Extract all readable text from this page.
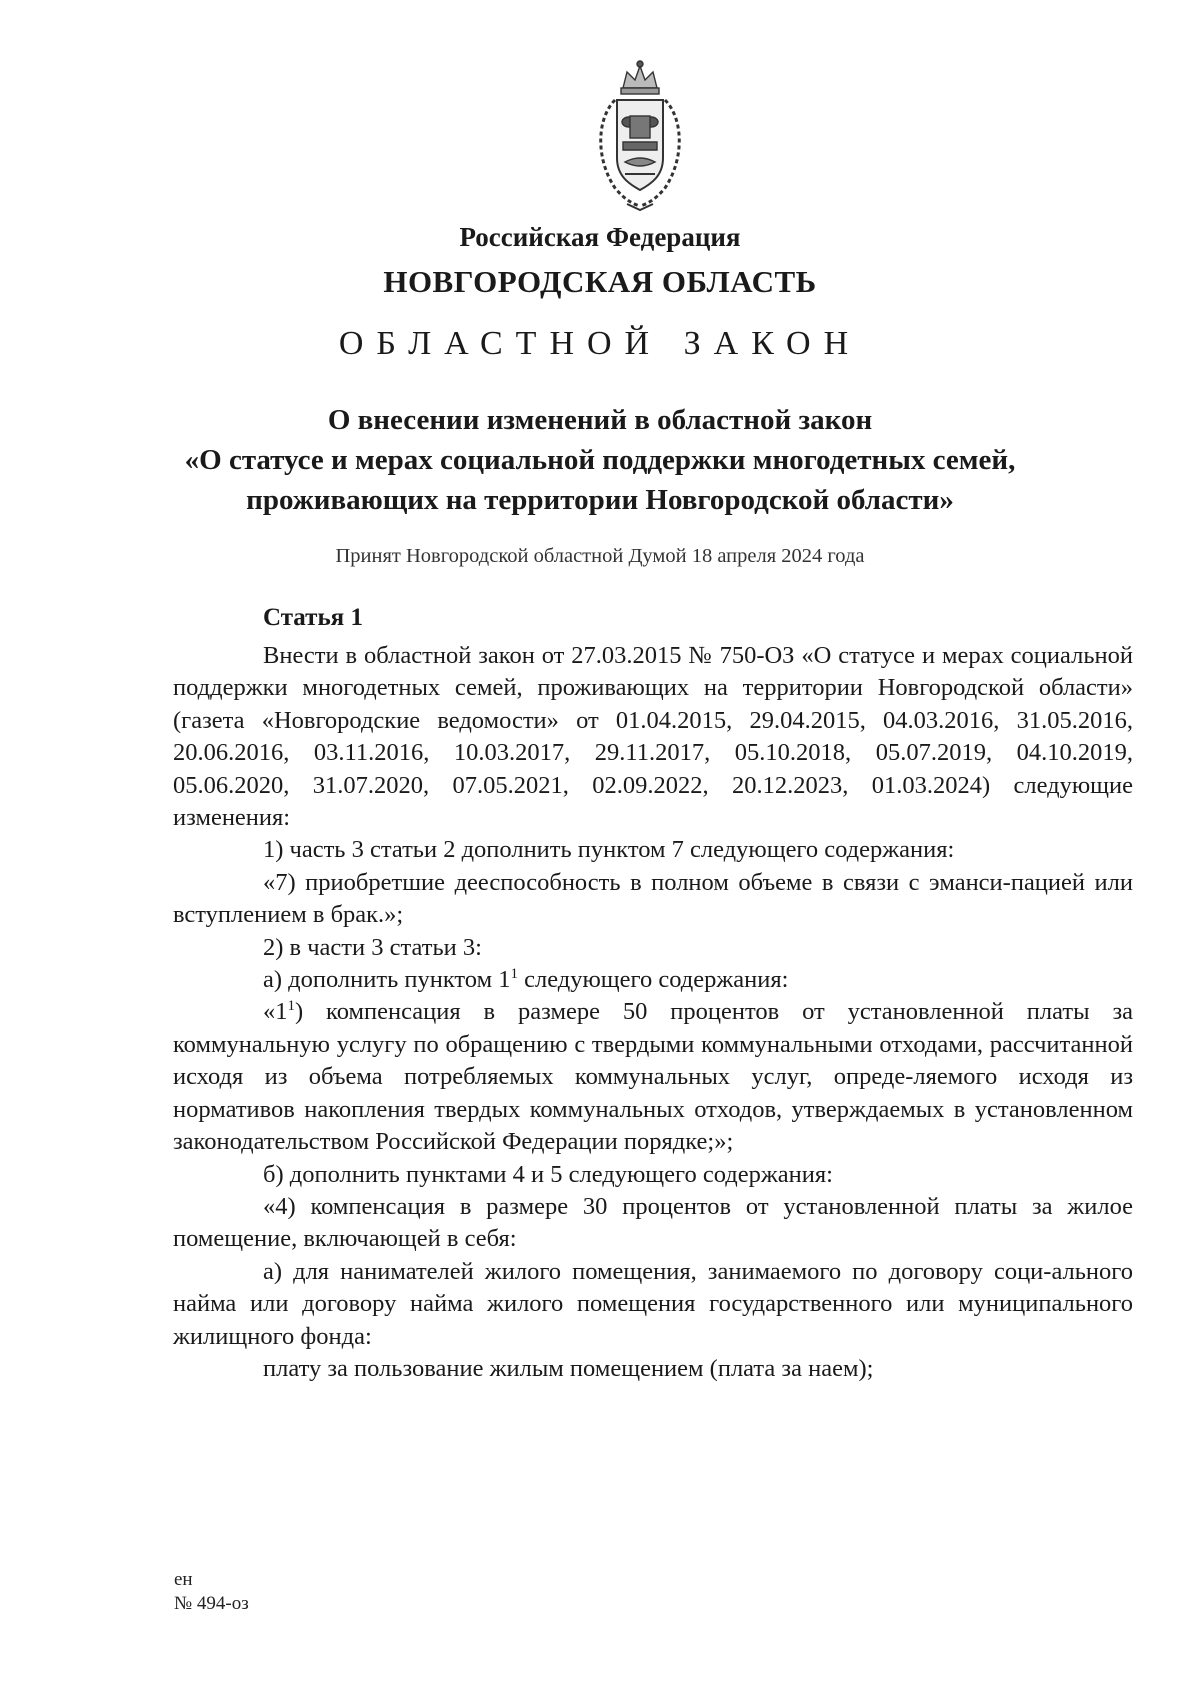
Российская Федерация
НОВГОРОДСКАЯ ОБЛАСТЬ
ОБЛАСТНОЙ ЗАКОН
О внесении изменений в областной закон
«О статусе и мерах социальной поддержки многодетных семей,
проживающих на территории Новгородской области»
Принят Новгородской областной Думой 18 апреля 2024 года
Статья 1

Внести в областной закон от 27.03.2015 № 750-ОЗ «О статусе и мерах социальной поддержки многодетных семей, проживающих на территории Новгородской области» (газета «Новгородские ведомости» от 01.04.2015, 29.04.2015, 04.03.2016, 31.05.2016, 20.06.2016, 03.11.2016, 10.03.2017, 29.11.2017, 05.10.2018, 05.07.2019, 04.10.2019, 05.06.2020, 31.07.2020, 07.05.2021, 02.09.2022, 20.12.2023, 01.03.2024) следующие изменения:

1) часть 3 статьи 2 дополнить пунктом 7 следующего содержания:

«7) приобретшие дееспособность в полном объеме в связи с эманси-пацией или вступлением в брак.»;

2) в части 3 статьи 3:

а) дополнить пунктом $1^1$ следующего содержания:

«$1^1$) компенсация в размере 50 процентов от установленной платы за коммунальную услугу по обращению с твердыми коммунальными отходами, рассчитанной исходя из объема потребляемых коммунальных услуг, опреде-ляемого исходя из нормативов накопления твердых коммунальных отходов, утверждаемых в установленном законодательством Российской Федерации порядке;»;

б) дополнить пунктами 4 и 5 следующего содержания:

«4) компенсация в размере 30 процентов от установленной платы за жилое помещение, включающей в себя:

а) для нанимателей жилого помещения, занимаемого по договору соци-ального найма или договору найма жилого помещения государственного или муниципального жилищного фонда:

плату за пользование жилым помещением (плата за наем);

ен
№ 494-оз
